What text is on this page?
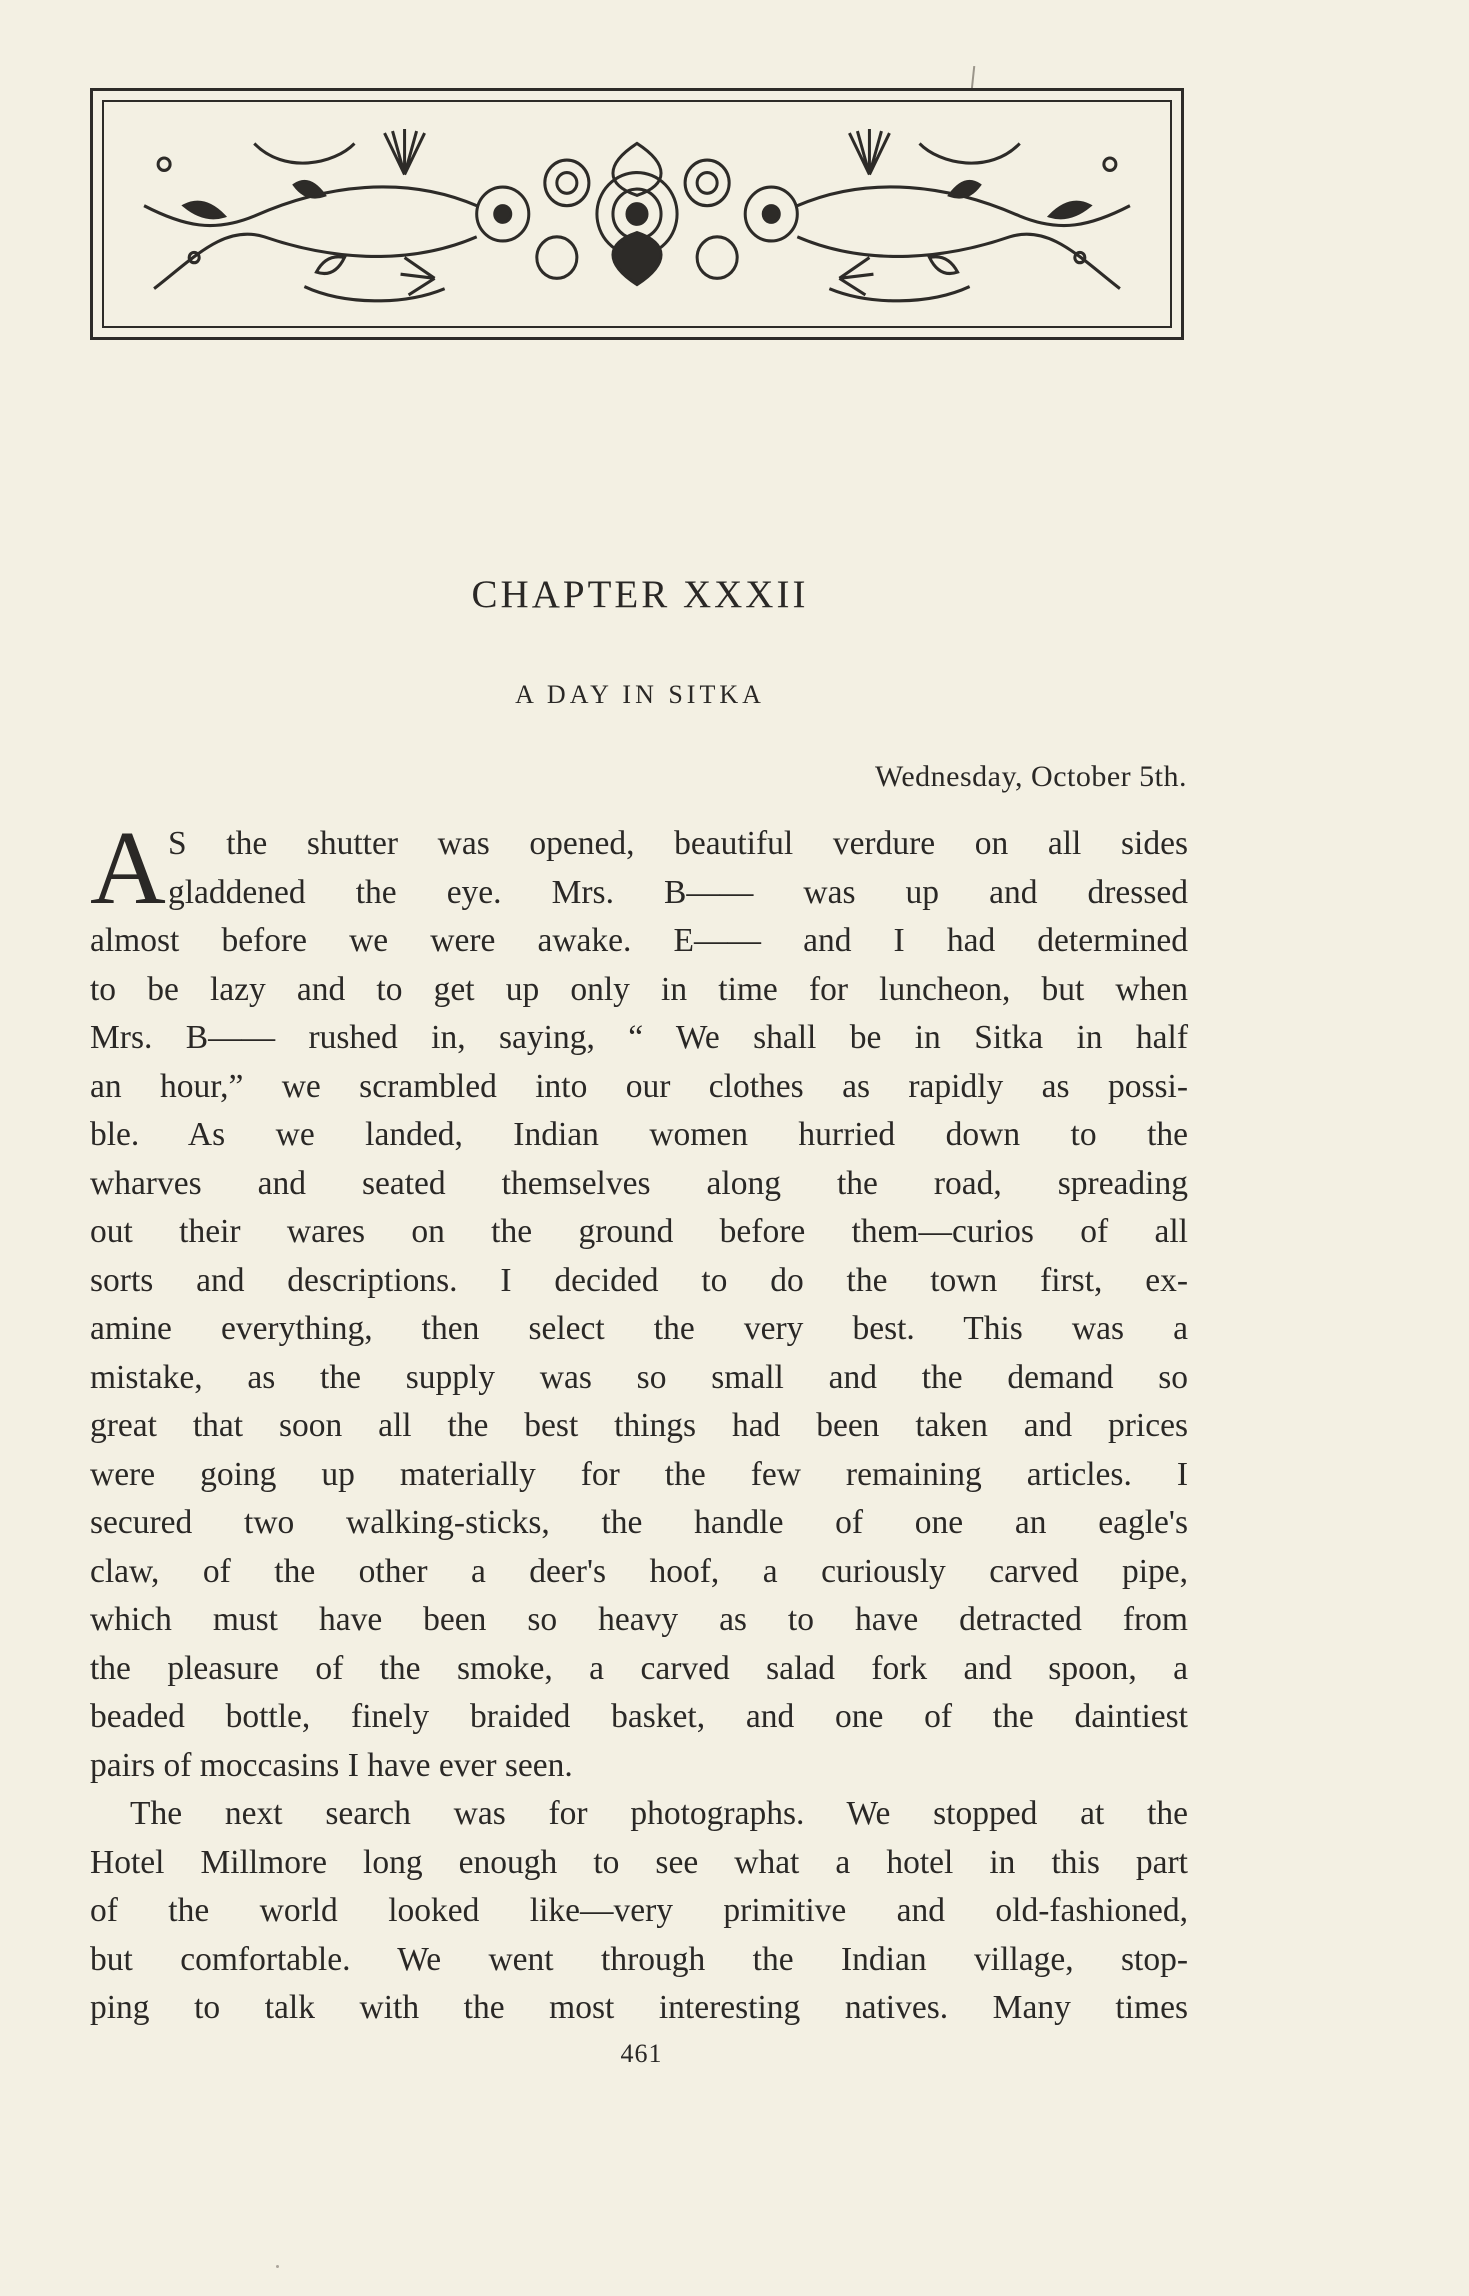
CHAPTER XXXII
A DAY IN SITKA
Wednesday, October 5th.
A S the shutter was opened, beautiful verdure on all sides
gladdened the eye. Mrs. B—— was up and dressed
almost before we were awake. E—— and I had determined
to be lazy and to get up only in time for luncheon, but when
Mrs. B—— rushed in, saying, “ We shall be in Sitka in half
an hour,” we scrambled into our clothes as rapidly as possi-
ble. As we landed, Indian women hurried down to the
wharves and seated themselves along the road, spreading
out their wares on the ground before them—curios of all
sorts and descriptions. I decided to do the town first, ex-
amine everything, then select the very best. This was a
mistake, as the supply was so small and the demand so
great that soon all the best things had been taken and prices
were going up materially for the few remaining articles. I
secured two walking-sticks, the handle of one an eagle's
claw, of the other a deer's hoof, a curiously carved pipe,
which must have been so heavy as to have detracted from
the pleasure of the smoke, a carved salad fork and spoon, a
beaded bottle, finely braided basket, and one of the daintiest
pairs of moccasins I have ever seen.
The next search was for photographs. We stopped at the
Hotel Millmore long enough to see what a hotel in this part
of the world looked like—very primitive and old-fashioned,
but comfortable. We went through the Indian village, stop-
ping to talk with the most interesting natives. Many times
461
